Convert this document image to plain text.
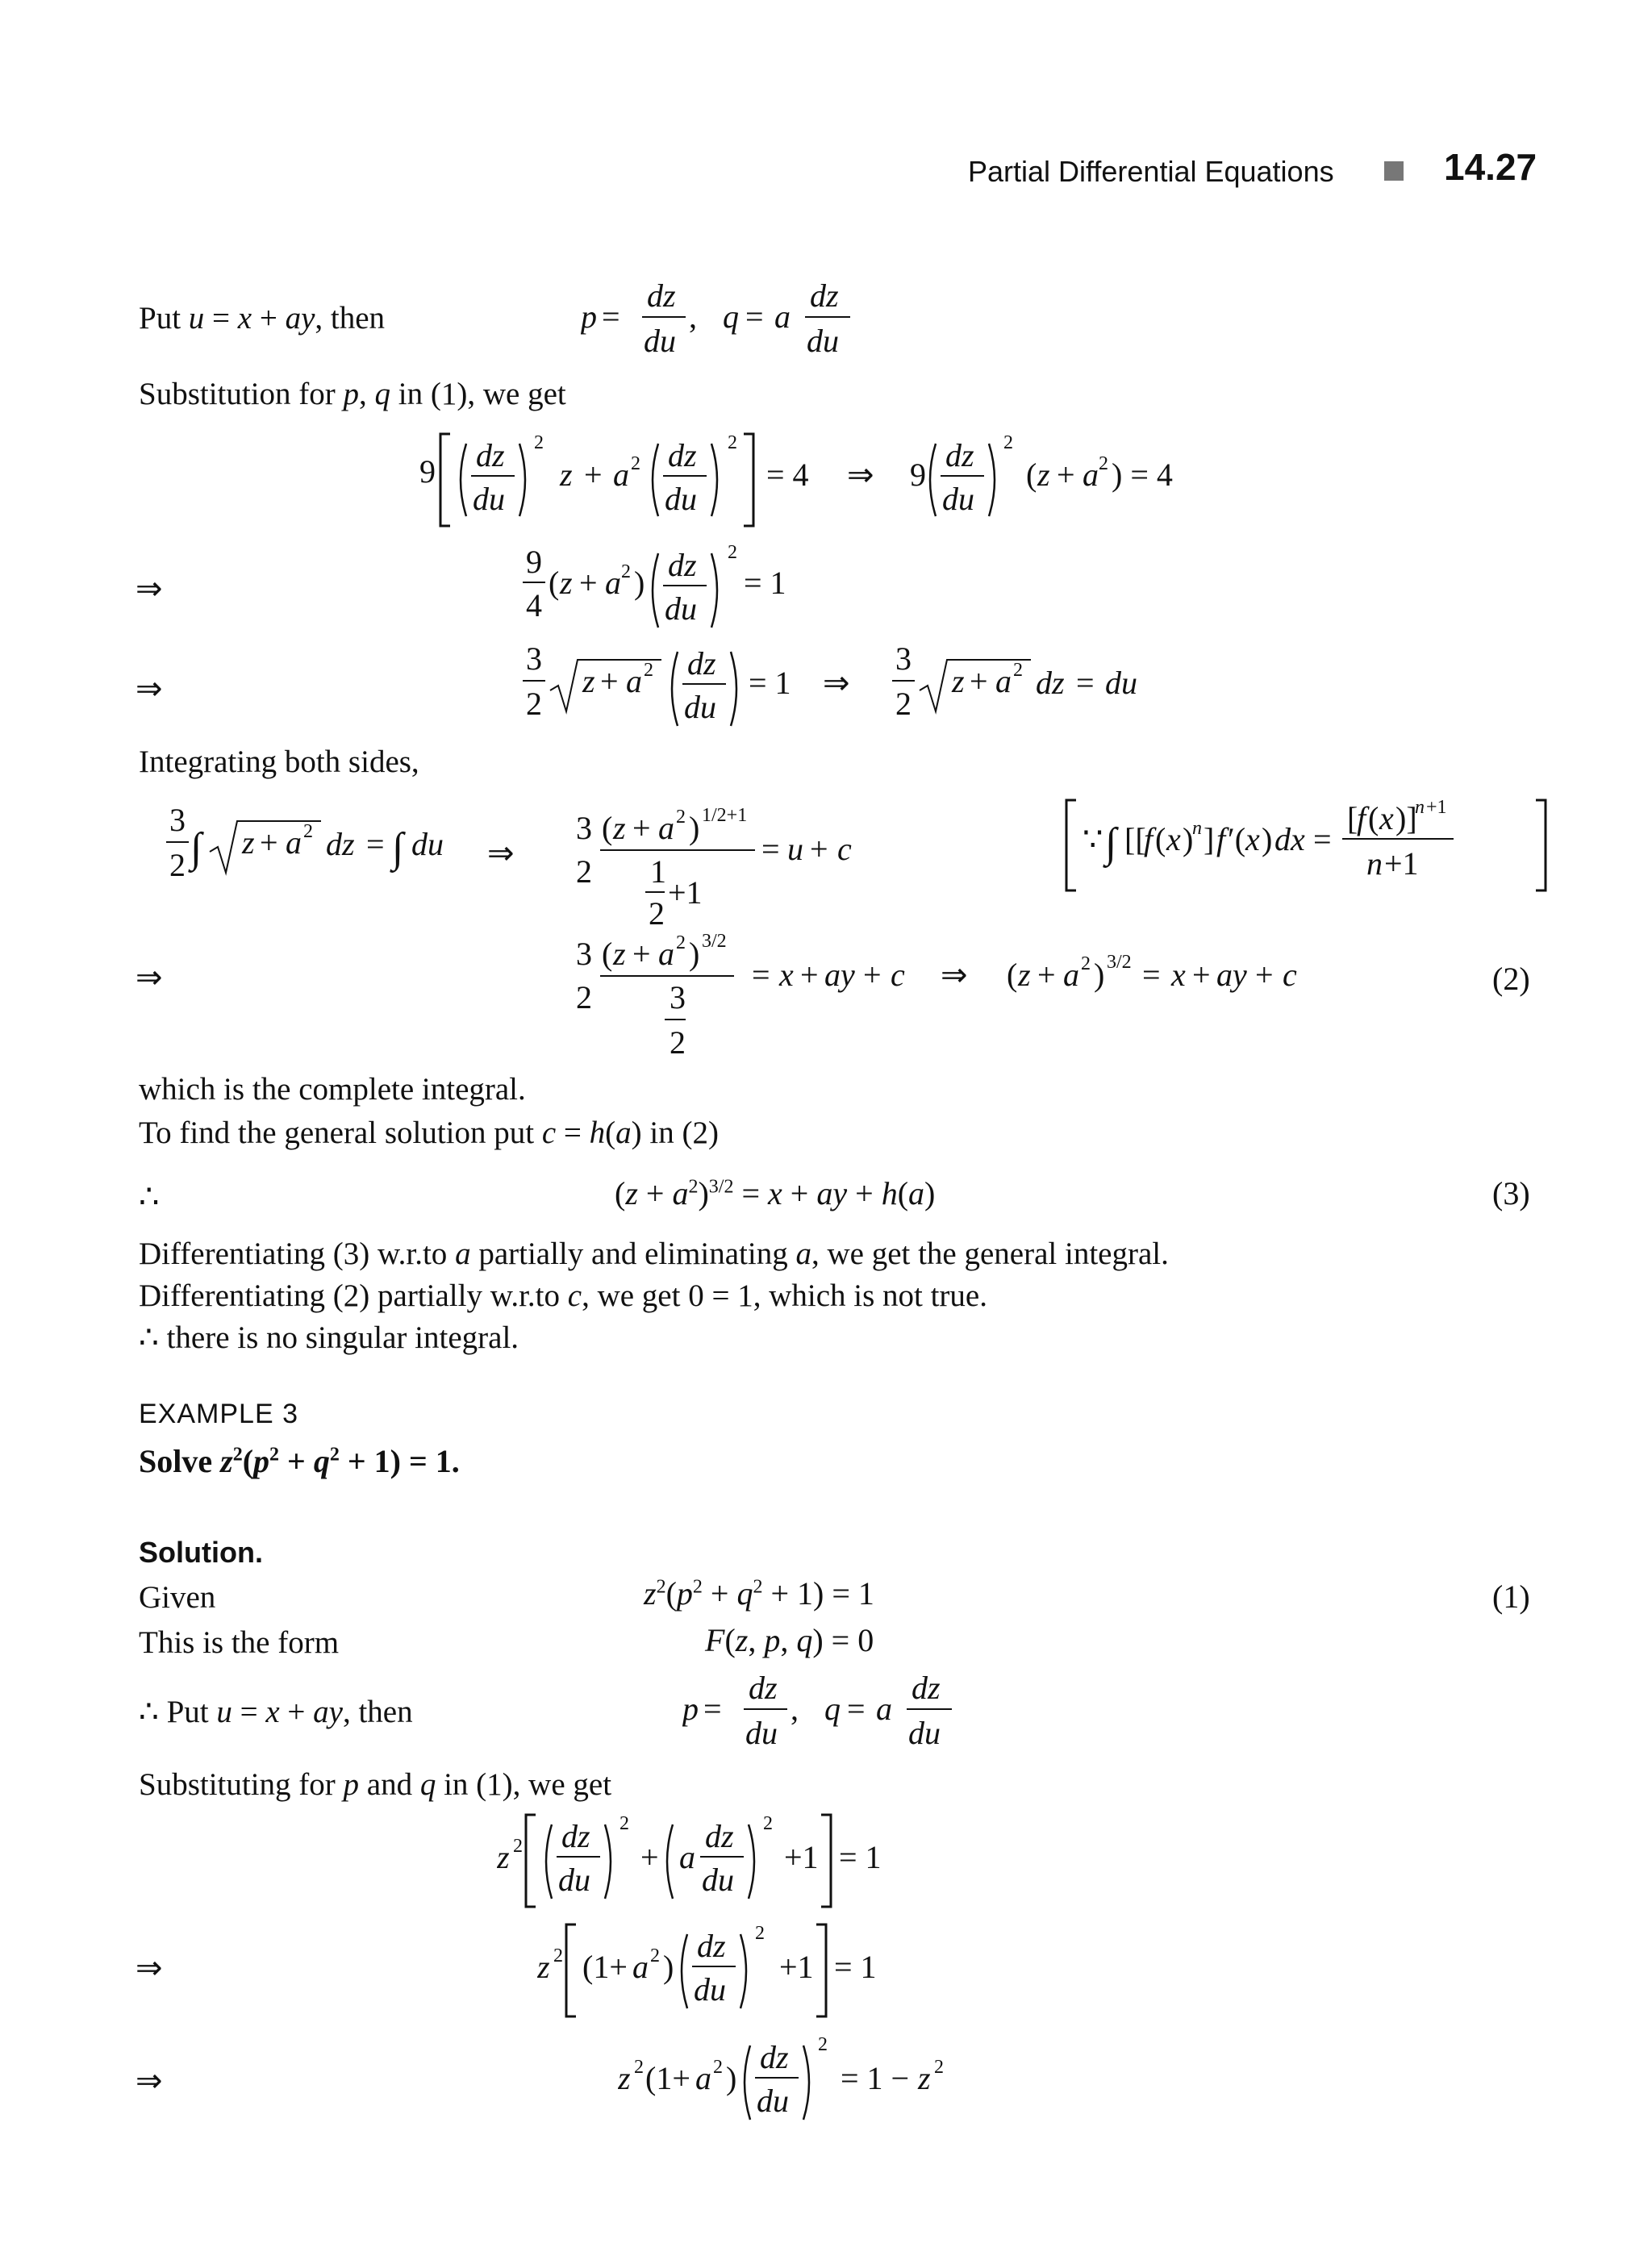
Partial Differential Equations	14.27
Put u = x + ay, then	p =
dz
du
, q = a
dz
du
Substitution for p, q in (1), we get
9 dz
du
2
z + a 2 dz
du
2
= 4 ⇒ 9
dz
du
2
( z + a 2 ) = 4
⇒
9
4
( z + a 2 ) dz
du
2
= 1
⇒
3
2
z + a 2 dz
du
= 1 ⇒
3
2
z + a 2 dz = du
Integrating both sides,
3
2 ∫ z + a 2 dz = ∫ du ⇒
3
2
( z + a 2 ) 1/2+1
1
2
+1
= u + c	∵ ∫ [[
f ( x )
n ] f ′( x ) dx =
[
f ( x )]
n +1
n +1
⇒
3
2
( z + a 2 ) 3/2
3
2
= x + ay + c ⇒ ( z + a 2 ) 3/2 = x + ay + c	(2)
which is the complete integral.
To find the general solution put c = h(a) in (2)
∴	$(z + a^2)^{3/2} = x$ + ay + h(a)	(3)
Differentiating (3) w.r.to a partially and eliminating a, we get the general integral.
Differentiating (2) partially w.r.to c, we get 0 = 1, which is not true.
∴ there is no singular integral.
EXAMPLE 3
Solve $z^2(p^2 + q^2 + 1) = 1$.
Solution.
Given	$z^2(p^2 + q^2 + 1) = 1$	(1)
This is the form	F(z, p, q) = 0
∴ Put u = x + ay, then	p =
dz
du
, q = a
dz
du
Substituting for p and q in (1), we get
z 2 dz
du
2
+ a
dz
du
2
+1 = 1
⇒	z 2 (1+ a 2 )
dz
du
2
+1 = 1
⇒	z 2 (1+ a 2 )
dz
du
2
= 1 − z 2
